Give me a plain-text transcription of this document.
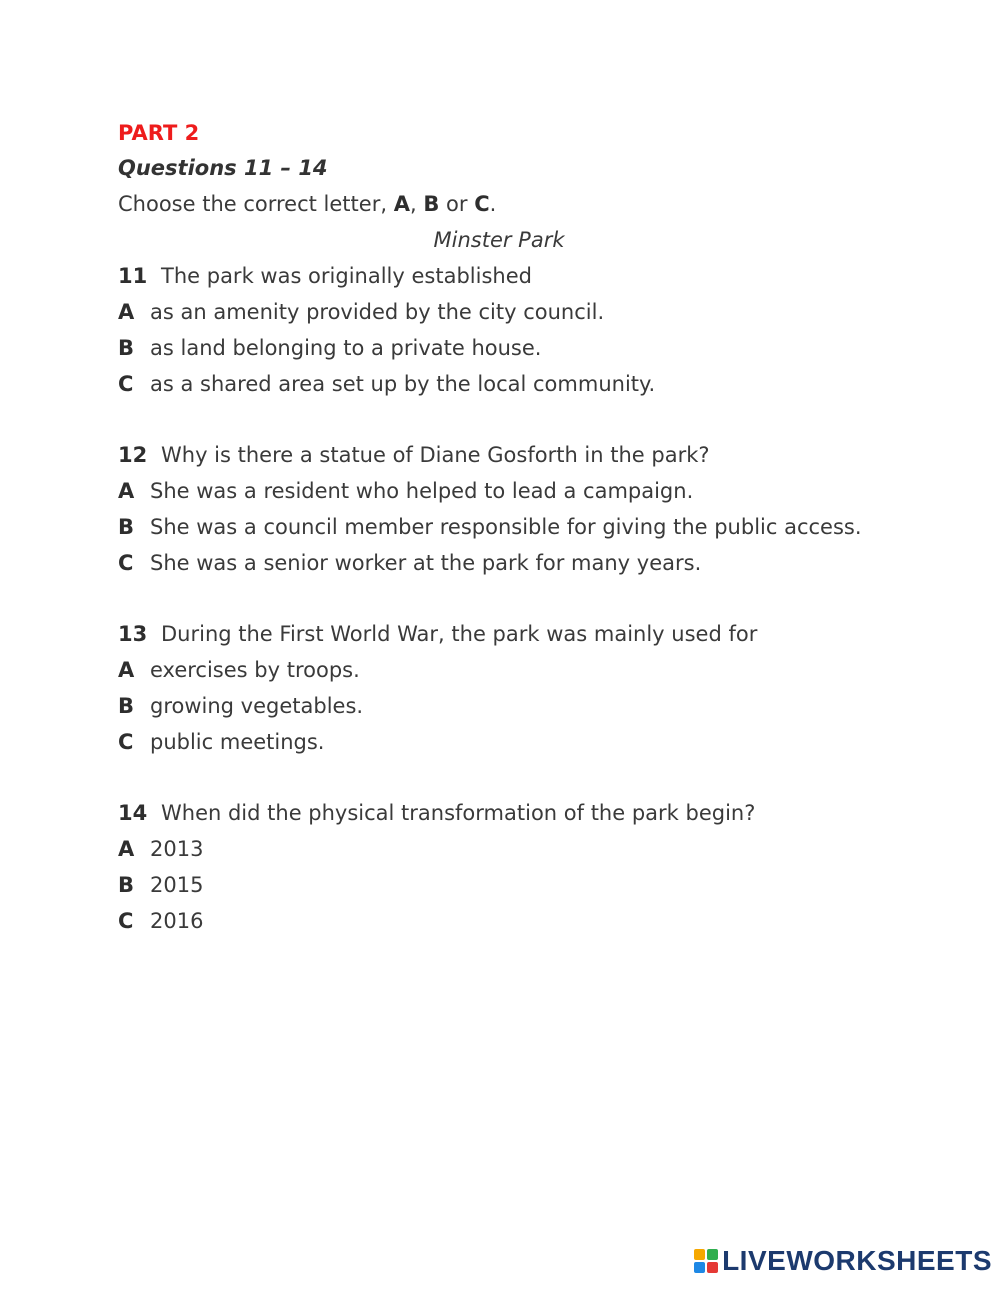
PART 2
Questions 11 – 14
Choose the correct letter, A, B or C.
Minster Park
11 The park was originally established
A as an amenity provided by the city council.
B as land belonging to a private house.
C as a shared area set up by the local community.
12 Why is there a statue of Diane Gosforth in the park?
A She was a resident who helped to lead a campaign.
B She was a council member responsible for giving the public access.
C She was a senior worker at the park for many years.
13 During the First World War, the park was mainly used for
A exercises by troops.
B growing vegetables.
C public meetings.
14 When did the physical transformation of the park begin?
A 2013
B 2015
C 2016
LIVEWORKSHEETS
